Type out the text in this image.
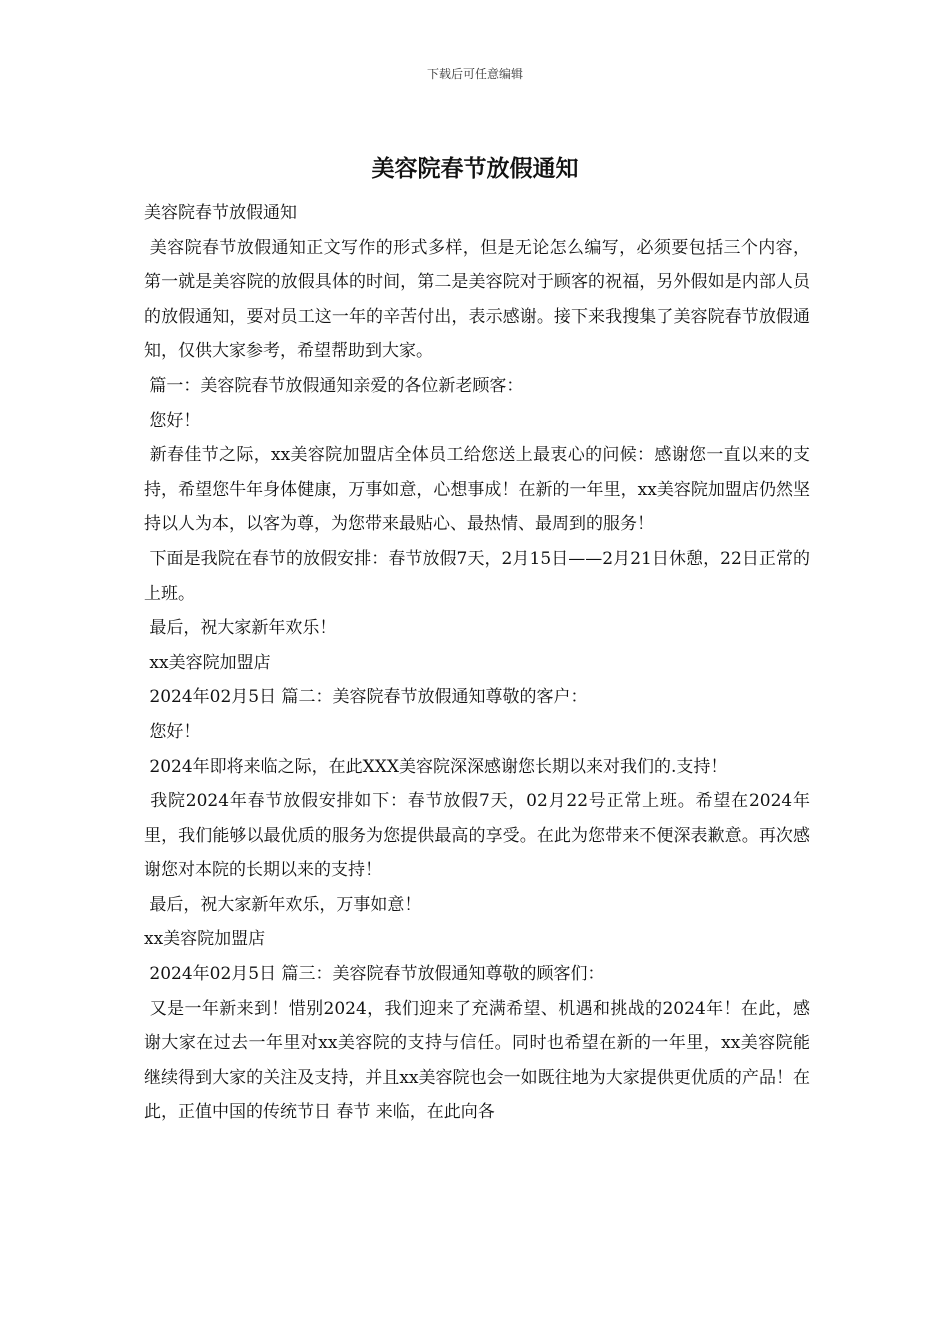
下载后可任意编辑
美容院春节放假通知

美容院春节放假通知

美容院春节放假通知正文写作的形式多样，但是无论怎么编写，必须要包括三个内容，第一就是美容院的放假具体的时间，第二是美容院对于顾客的祝福，另外假如是内部人员的放假通知，要对员工这一年的辛苦付出，表示感谢。接下来我搜集了美容院春节放假通知，仅供大家参考，希望帮助到大家。

篇一：美容院春节放假通知亲爱的各位新老顾客：

您好！

新春佳节之际，xx美容院加盟店全体员工给您送上最衷心的问候：感谢您一直以来的支持，希望您牛年身体健康，万事如意，心想事成！在新的一年里，xx美容院加盟店仍然坚持以人为本，以客为尊，为您带来最贴心、最热情、最周到的服务！

下面是我院在春节的放假安排：春节放假7天，2月15日——2月21日休憩，22日正常的上班。

最后，祝大家新年欢乐！

xx美容院加盟店

2024年02月5日 篇二：美容院春节放假通知尊敬的客户：

您好！

2024年即将来临之际，在此XXX美容院深深感谢您长期以来对我们的.支持！

我院2024年春节放假安排如下：春节放假7天，02月22号正常上班。希望在2024年里，我们能够以最优质的服务为您提供最高的享受。在此为您带来不便深表歉意。再次感谢您对本院的长期以来的支持！

最后，祝大家新年欢乐，万事如意！

xx美容院加盟店

2024年02月5日 篇三：美容院春节放假通知尊敬的顾客们：

又是一年新来到！惜别2024，我们迎来了充满希望、机遇和挑战的2024年！在此，感谢大家在过去一年里对xx美容院的支持与信任。同时也希望在新的一年里，xx美容院能继续得到大家的关注及支持，并且xx美容院也会一如既往地为大家提供更优质的产品！在此，正值中国的传统节日 春节 来临，在此向各
